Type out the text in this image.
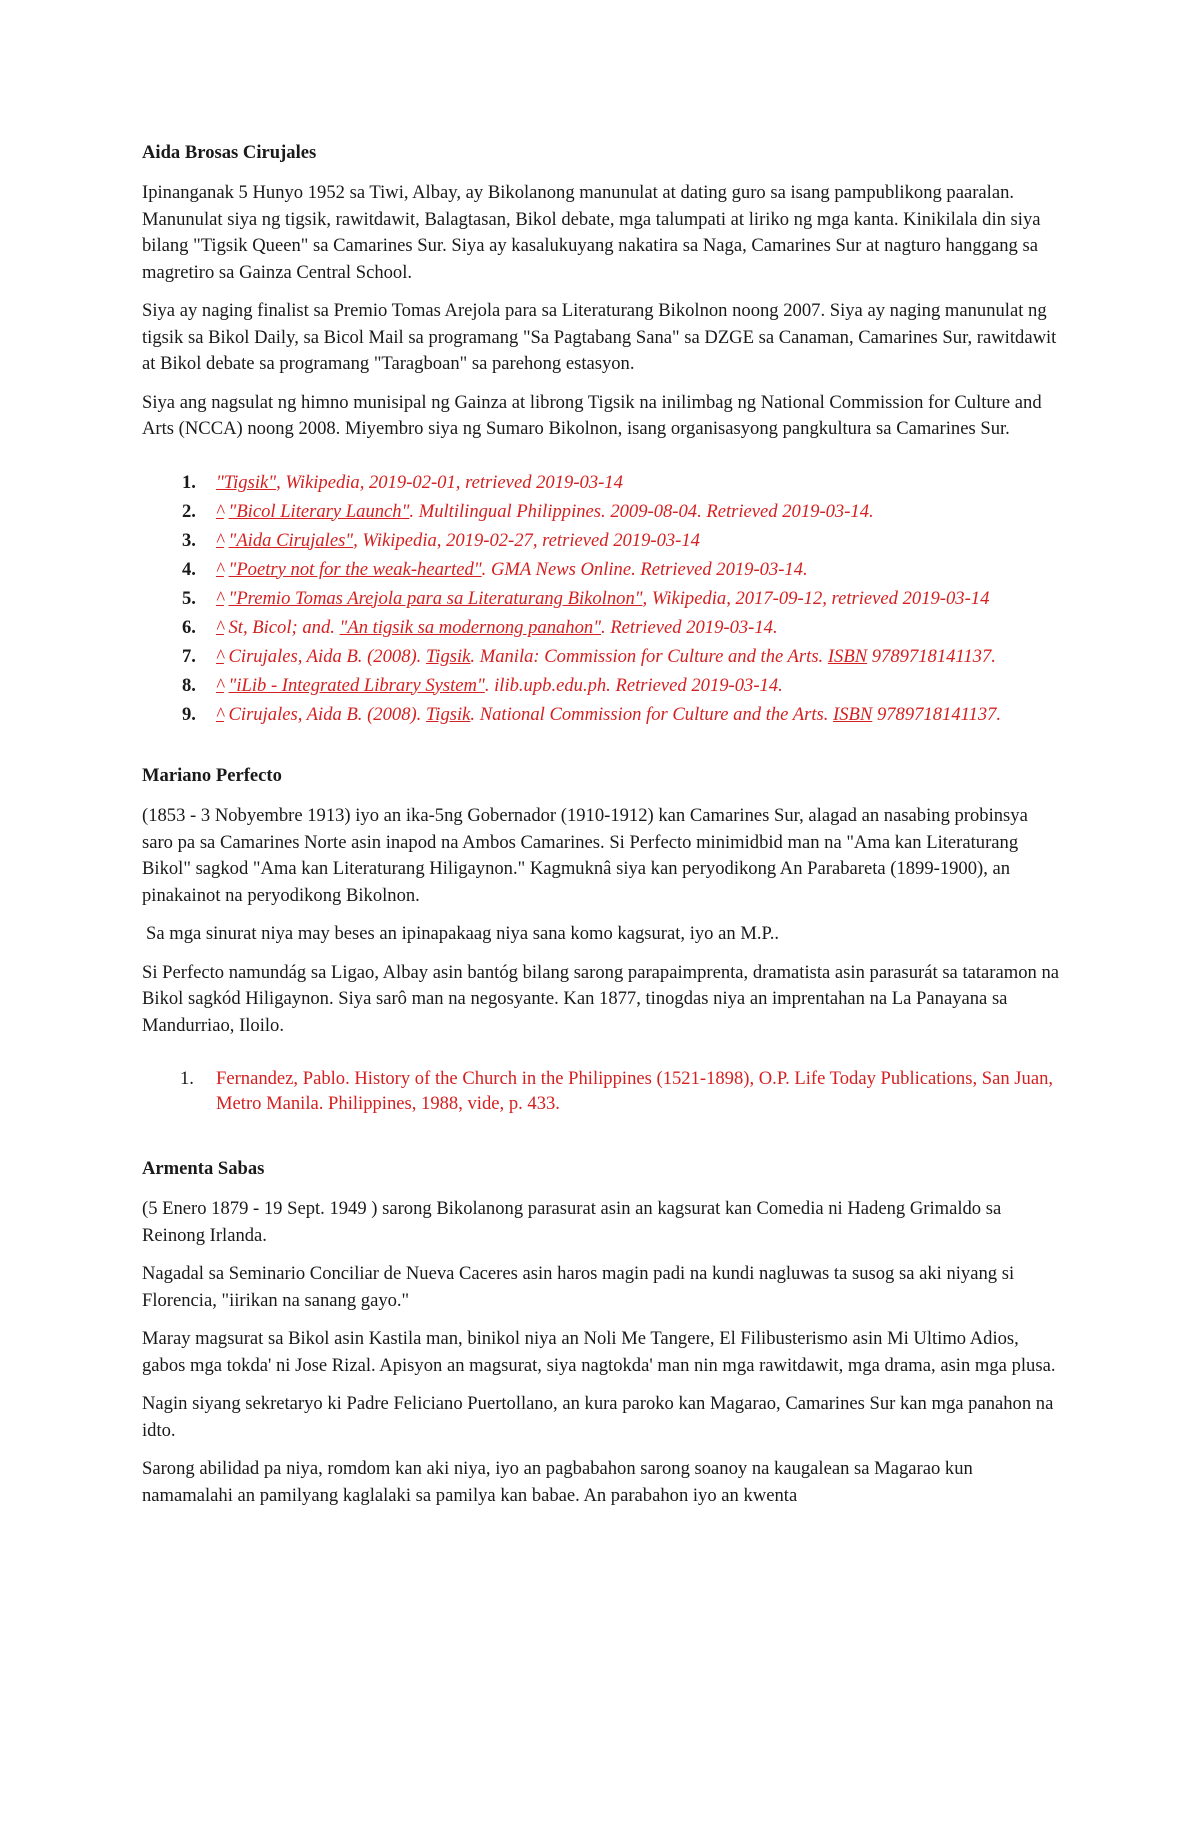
Aida Brosas Cirujales

Ipinanganak 5 Hunyo 1952 sa Tiwi, Albay, ay Bikolanong manunulat at dating guro sa isang pampublikong paaralan. Manunulat siya ng tigsik, rawitdawit, Balagtasan, Bikol debate, mga talumpati at liriko ng mga kanta. Kinikilala din siya bilang "Tigsik Queen" sa Camarines Sur. Siya ay kasalukuyang nakatira sa Naga, Camarines Sur at nagturo hanggang sa magretiro sa Gainza Central School.

Siya ay naging finalist sa Premio Tomas Arejola para sa Literaturang Bikolnon noong 2007. Siya ay naging manunulat ng tigsik sa Bikol Daily, sa Bicol Mail sa programang "Sa Pagtabang Sana" sa DZGE sa Canaman, Camarines Sur, rawitdawit at Bikol debate sa programang "Taragboan" sa parehong estasyon.

Siya ang nagsulat ng himno munisipal ng Gainza at librong Tigsik na inilimbag ng National Commission for Culture and Arts (NCCA) noong 2008. Miyembro siya ng Sumaro Bikolnon, isang organisasyong pangkultura sa Camarines Sur.

1. "Tigsik", Wikipedia, 2019-02-01, retrieved 2019-03-14
2. ^ "Bicol Literary Launch". Multilingual Philippines. 2009-08-04. Retrieved 2019-03-14.
3. ^ "Aida Cirujales", Wikipedia, 2019-02-27, retrieved 2019-03-14
4. ^ "Poetry not for the weak-hearted". GMA News Online. Retrieved 2019-03-14.
5. ^ "Premio Tomas Arejola para sa Literaturang Bikolnon", Wikipedia, 2017-09-12, retrieved 2019-03-14
6. ^ St, Bicol; and. "An tigsik sa modernong panahon". Retrieved 2019-03-14.
7. ^ Cirujales, Aida B. (2008). Tigsik. Manila: Commission for Culture and the Arts. ISBN 9789718141137.
8. ^ "iLib - Integrated Library System". ilib.upb.edu.ph. Retrieved 2019-03-14.
9. ^ Cirujales, Aida B. (2008). Tigsik. National Commission for Culture and the Arts. ISBN 9789718141137.
Mariano Perfecto

(1853 - 3 Nobyembre 1913) iyo an ika-5ng Gobernador (1910-1912) kan Camarines Sur, alagad an nasabing probinsya saro pa sa Camarines Norte asin inapod na Ambos Camarines. Si Perfecto minimidbid man na "Ama kan Literaturang Bikol" sagkod "Ama kan Literaturang Hiligaynon." Kagmuknâ siya kan peryodikong An Parabareta (1899-1900), an pinakainot na peryodikong Bikolnon.

Sa mga sinurat niya may beses an ipinapakaag niya sana komo kagsurat, iyo an M.P..

Si Perfecto namundág sa Ligao, Albay asin bantóg bilang sarong parapaimprenta, dramatista asin parasurát sa tataramon na Bikol sagkód Hiligaynon. Siya sarô man na negosyante. Kan 1877, tinogdas niya an imprentahan na La Panayana sa Mandurriao, Iloilo.

1. Fernandez, Pablo. History of the Church in the Philippines (1521-1898), O.P. Life Today Publications, San Juan, Metro Manila. Philippines, 1988, vide, p. 433.
Armenta Sabas

(5 Enero 1879 - 19 Sept. 1949 ) sarong Bikolanong parasurat asin an kagsurat kan Comedia ni Hadeng Grimaldo sa Reinong Irlanda.

Nagadal sa Seminario Conciliar de Nueva Caceres asin haros magin padi na kundi nagluwas ta susog sa aki niyang si Florencia, "iirikan na sanang gayo."

Maray magsurat sa Bikol asin Kastila man, binikol niya an Noli Me Tangere, El Filibusterismo asin Mi Ultimo Adios, gabos mga tokda' ni Jose Rizal. Apisyon an magsurat, siya nagtokda' man nin mga rawitdawit, mga drama, asin mga plusa.

Nagin siyang sekretaryo ki Padre Feliciano Puertollano, an kura paroko kan Magarao, Camarines Sur kan mga panahon na idto.

Sarong abilidad pa niya, romdom kan aki niya, iyo an pagbabahon sarong soanoy na kaugalean sa Magarao kun namamalahi an pamilyang kaglalaki sa pamilya kan babae. An parabahon iyo an kwenta
